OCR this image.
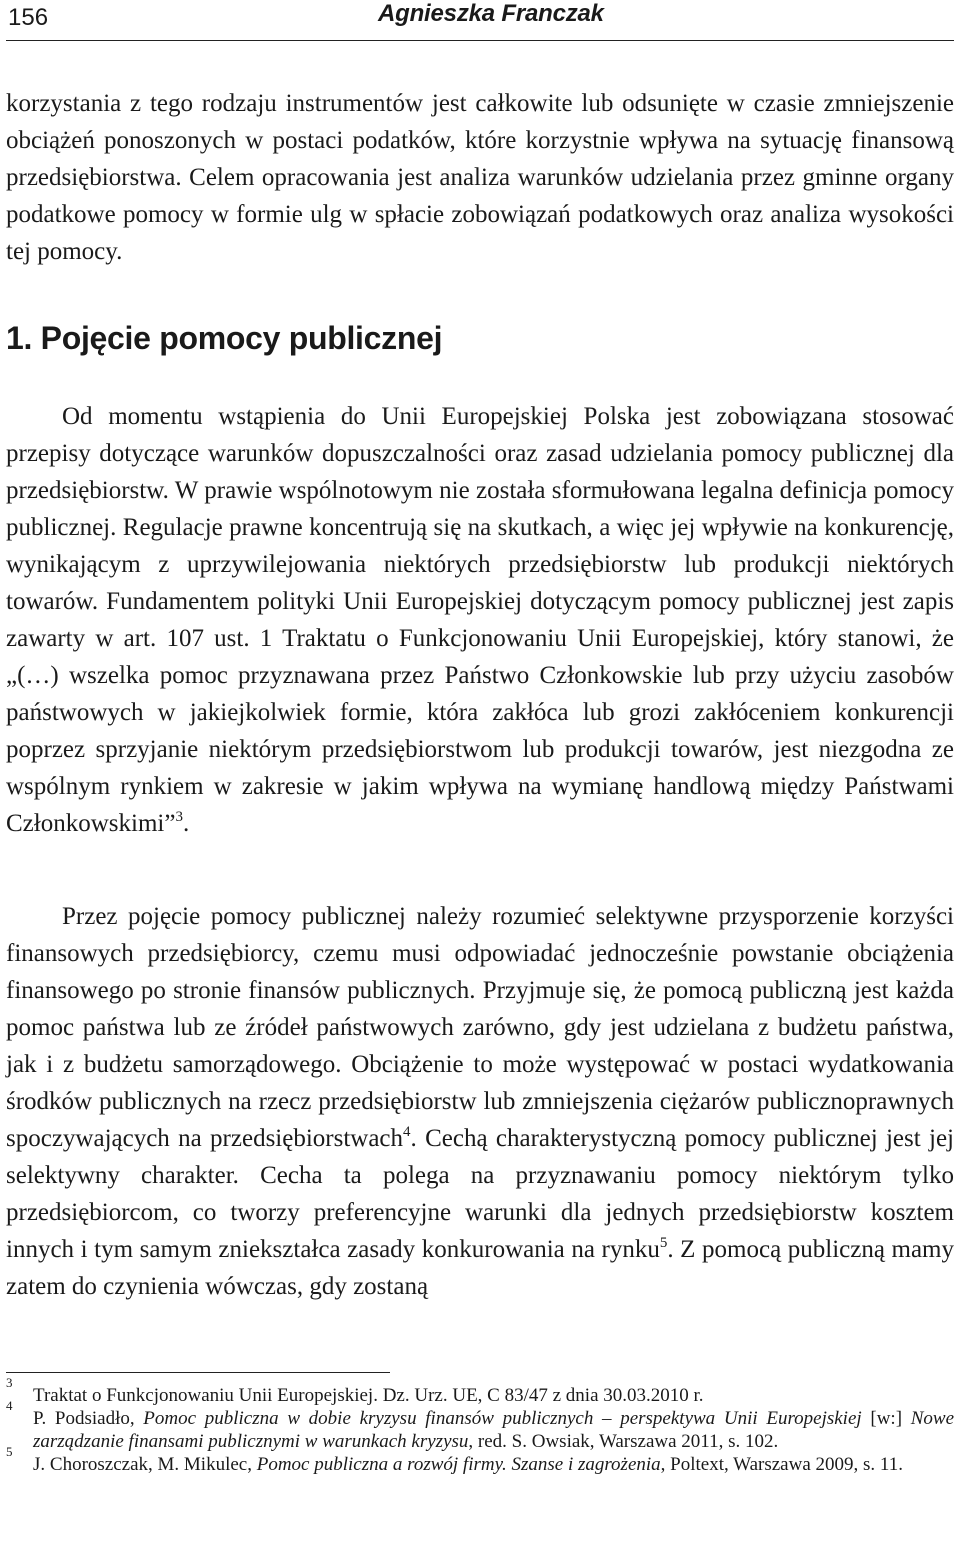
156	Agnieszka Franczak

korzystania z tego rodzaju instrumentów jest całkowite lub odsunięte w czasie zmniejszenie obciążeń ponoszonych w postaci podatków, które korzystnie wpływa na sytuację finansową przedsiębiorstwa. Celem opracowania jest analiza warunków udzielania przez gminne organy podatkowe pomocy w formie ulg w spłacie zobowiązań podatkowych oraz analiza wysokości tej pomocy.

1. Pojęcie pomocy publicznej

Od momentu wstąpienia do Unii Europejskiej Polska jest zobowiązana stosować przepisy dotyczące warunków dopuszczalności oraz zasad udzielania pomocy publicznej dla przedsiębiorstw. W prawie wspólnotowym nie została sformułowana legalna definicja pomocy publicznej. Regulacje prawne koncentrują się na skutkach, a więc jej wpływie na konkurencję, wynikającym z uprzywilejowania niektórych przedsiębiorstw lub produkcji niektórych towarów. Fundamentem polityki Unii Europejskiej dotyczącym pomocy publicznej jest zapis zawarty w art. 107 ust. 1 Traktatu o Funkcjonowaniu Unii Europejskiej, który stanowi, że „(…) wszelka pomoc przyznawana przez Państwo Członkowskie lub przy użyciu zasobów państwowych w jakiejkolwiek formie, która zakłóca lub grozi zakłóceniem konkurencji poprzez sprzyjanie niektórym przedsiębiorstwom lub produkcji towarów, jest niezgodna ze wspólnym rynkiem w zakresie w jakim wpływa na wymianę handlową między Państwami Członkowskimi”$^3$.

Przez pojęcie pomocy publicznej należy rozumieć selektywne przysporzenie korzyści finansowych przedsiębiorcy, czemu musi odpowiadać jednocześnie powstanie obciążenia finansowego po stronie finansów publicznych. Przyjmuje się, że pomocą publiczną jest każda pomoc państwa lub ze źródeł państwowych zarówno, gdy jest udzielana z budżetu państwa, jak i z budżetu samorządowego. Obciążenie to może występować w postaci wydatkowania środków publicznych na rzecz przedsiębiorstw lub zmniejszenia ciężarów publicznoprawnych spoczywających na przedsiębiorstwach$^4$. Cechą charakterystyczną pomocy publicznej jest jej selektywny charakter. Cecha ta polega na przyznawaniu pomocy niektórym tylko przedsiębiorcom, co tworzy preferencyjne warunki dla jednych przedsiębiorstw kosztem innych i tym samym zniekształca zasady konkurowania na rynku$^5$. Z pomocą publiczną mamy zatem do czynienia wówczas, gdy zostaną

3
Traktat o Funkcjonowaniu Unii Europejskiej. Dz. Urz. UE, C 83/47 z dnia 30.03.2010 r.
4
P. Podsiadło, Pomoc publiczna w dobie kryzysu finansów publicznych – perspektywa Unii Europejskiej [w:] Nowe zarządzanie finansami publicznymi w warunkach kryzysu, red. S. Owsiak, Warszawa 2011, s. 102.
5
J. Choroszczak, M. Mikulec, Pomoc publiczna a rozwój firmy. Szanse i zagrożenia, Poltext, Warszawa 2009, s. 11.
